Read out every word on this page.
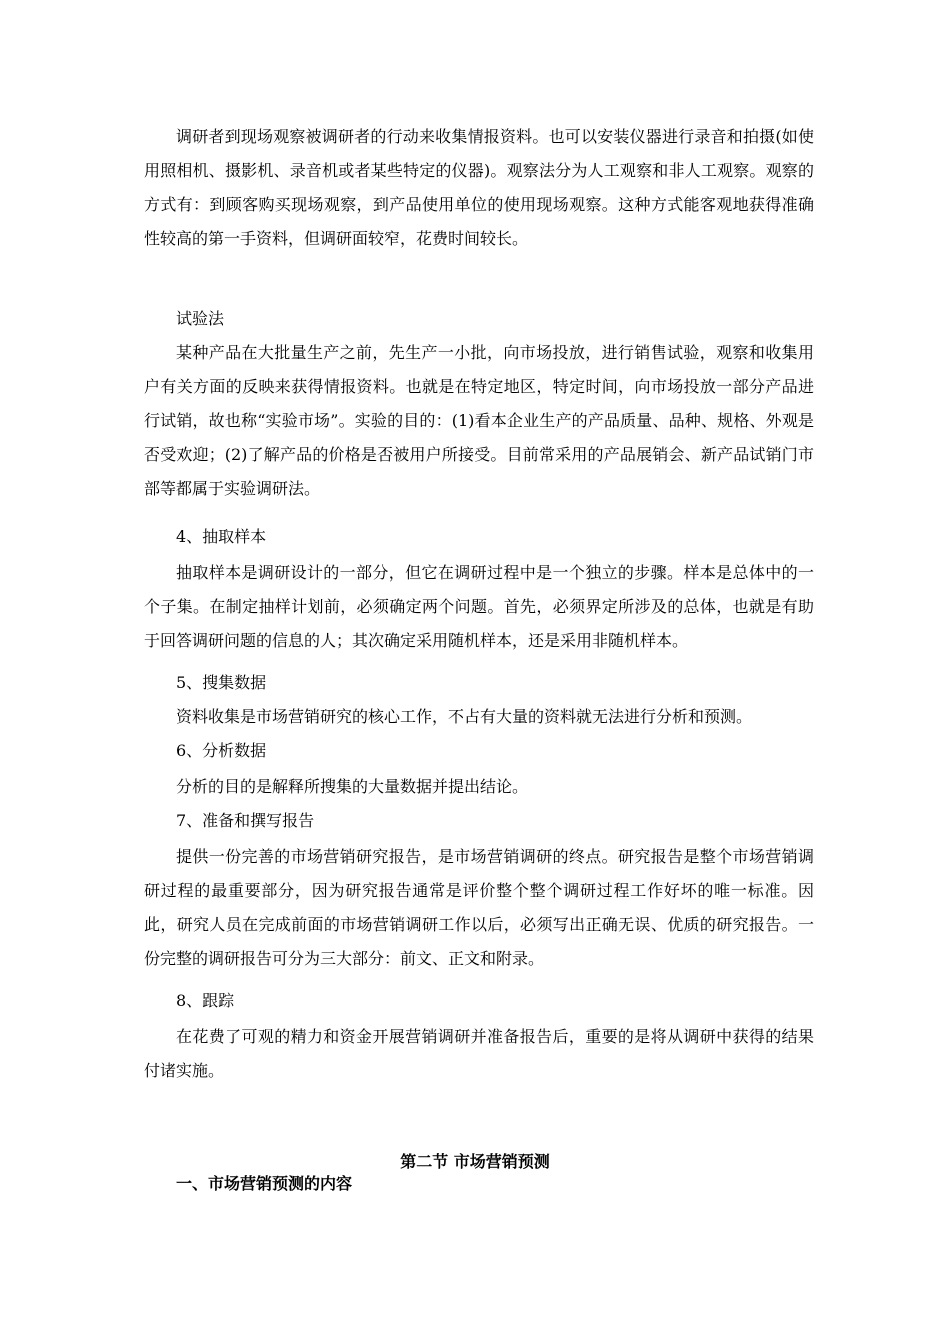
调研者到现场观察被调研者的行动来收集情报资料。也可以安装仪器进行录音和拍摄(如使用照相机、摄影机、录音机或者某些特定的仪器)。观察法分为人工观察和非人工观察。观察的方式有：到顾客购买现场观察，到产品使用单位的使用现场观察。这种方式能客观地获得准确性较高的第一手资料，但调研面较窄，花费时间较长。

试验法

某种产品在大批量生产之前，先生产一小批，向市场投放，进行销售试验，观察和收集用户有关方面的反映来获得情报资料。也就是在特定地区，特定时间，向市场投放一部分产品进行试销，故也称“实验市场”。实验的目的：(1)看本企业生产的产品质量、品种、规格、外观是否受欢迎；(2)了解产品的价格是否被用户所接受。目前常采用的产品展销会、新产品试销门市部等都属于实验调研法。

4、抽取样本

抽取样本是调研设计的一部分，但它在调研过程中是一个独立的步骤。样本是总体中的一个子集。在制定抽样计划前，必须确定两个问题。首先，必须界定所涉及的总体，也就是有助于回答调研问题的信息的人；其次确定采用随机样本，还是采用非随机样本。

5、搜集数据

资料收集是市场营销研究的核心工作，不占有大量的资料就无法进行分析和预测。

6、分析数据

分析的目的是解释所搜集的大量数据并提出结论。

7、准备和撰写报告

提供一份完善的市场营销研究报告，是市场营销调研的终点。研究报告是整个市场营销调研过程的最重要部分，因为研究报告通常是评价整个整个调研过程工作好坏的唯一标准。因此，研究人员在完成前面的市场营销调研工作以后，必须写出正确无误、优质的研究报告。一份完整的调研报告可分为三大部分：前文、正文和附录。

8、跟踪

在花费了可观的精力和资金开展营销调研并准备报告后，重要的是将从调研中获得的结果付诸实施。

第二节 市场营销预测

一、市场营销预测的内容
